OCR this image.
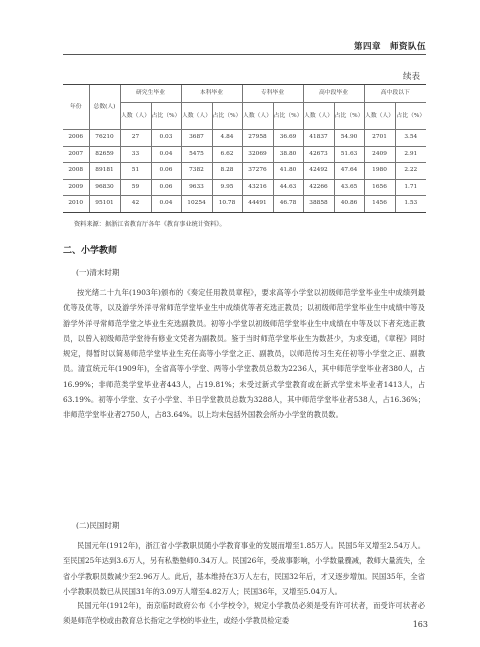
第四章　师资队伍
续表
年份	总数(人)	研究生毕业		本科毕业		专科毕业		高中段毕业		高中段以下	
		人数（人）	占比（%）	人数（人）	占比（%）	人数（人）	占比（%）	人数（人）	占比（%）	人数（人）	占比（%）
2006	76210	27	0.03	3687	4.84	27958	36.69	41837	54.90	2701	3.54
2007	82659	33	0.04	5475	6.62	32069	38.80	42673	51.63	2409	2.91
2008	89181	51	0.06	7382	8.28	37276	41.80	42492	47.64	1980	2.22
2009	96830	59	0.06	9633	9.95	43216	44.63	42266	43.65	1656	1.71
2010	95101	42	0.04	10254	10.78	44491	46.78	38858	40.86	1456	1.53
资料来源：据浙江省教育厅各年《教育事业统计资料》。
二、小学教师
(一)清末时期

按光绪二十九年(1903年)颁布的《奏定任用教员章程》，要求高等小学堂以初级师范学堂毕业生中成绩列最优等及优等，以及游学外洋寻常师范学堂毕业生中成绩优等者充选正教员；以初级师范学堂毕业生中成绩中等及游学外洋寻常师范学堂之毕业生充选副教员。初等小学堂以初级师范学堂毕业生中成绩在中等及以下者充选正教员，以曾入初级师范学堂待有修业文凭者为副教员。鉴于当时师范学堂毕业生为数甚少，为求变通，《章程》同时规定，得暂时以简易师范学堂毕业生充任高等小学堂之正、副教员，以师范传习生充任初等小学堂之正、副教员。清宣统元年(1909年)，全省高等小学堂、两等小学堂教员总数为2236人，其中师范学堂毕业者380人，占16.99%；非师范类学堂毕业者443人，占19.81%；未受过新式学堂教育或在新式学堂未毕业者1413人，占63.19%。初等小学堂、女子小学堂、半日学堂教员总数为3288人，其中师范学堂毕业者538人，占16.36%；非师范学堂毕业者2750人，占83.64%。以上均未包括外国教会所办小学堂的教员数。

(二)民国时期

民国元年(1912年)，浙江省小学教职员随小学教育事业的发展而增至1.85万人。民国5年又增至2.54万人。至民国25年达到3.6万人，另有私塾塾师0.34万人。民国26年，受战事影响，小学数量骤减，教师大量流失，全省小学教职员数减少至2.96万人。此后，基本维持在3万人左右，民国32年后，才又逐步增加。民国35年，全省小学教职员数已从民国31年的3.09万人增至4.82万人；民国36年，又增至5.04万人。

民国元年(1912年)，南京临时政府公布《小学校令》，规定小学教员必须是受有许可状者，而受许可状者必须是师范学校或由教育总长指定之学校的毕业生，或经小学教员检定委	163
